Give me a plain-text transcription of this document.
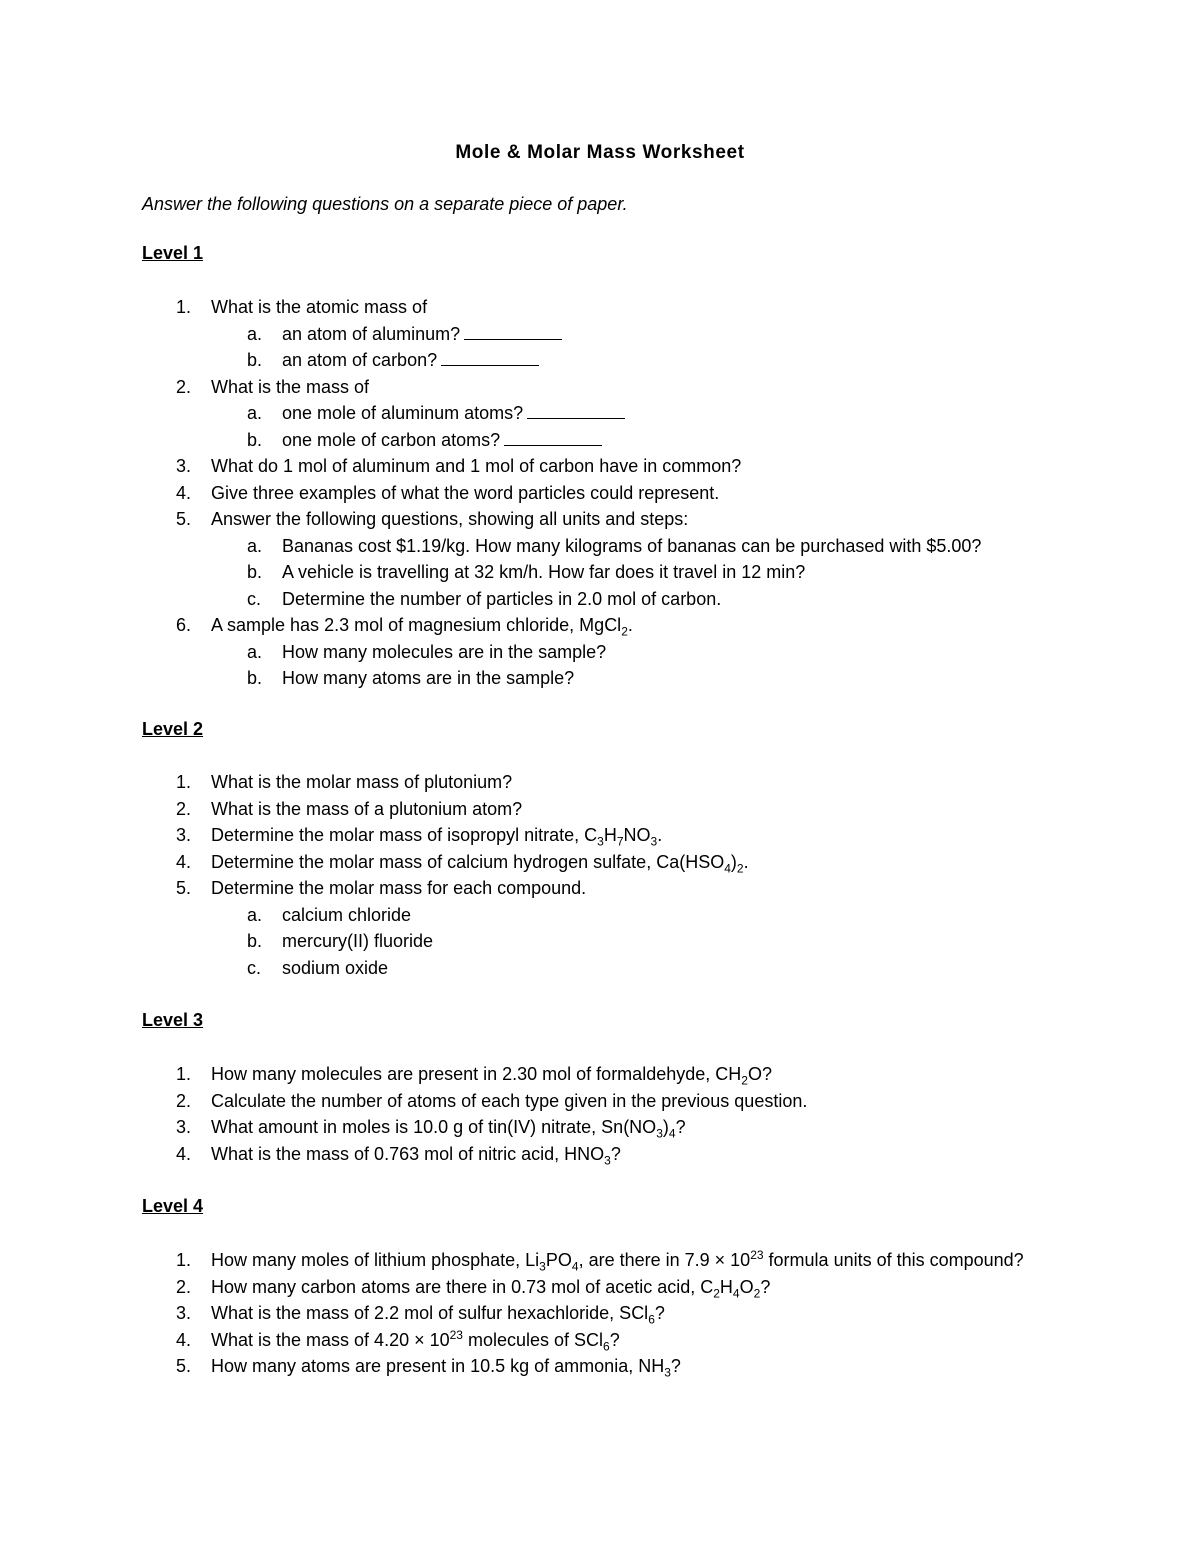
Mole & Molar Mass Worksheet
Answer the following questions on a separate piece of paper.
Level 1
1. What is the atomic mass of
a. an atom of aluminum?
b. an atom of carbon?
2. What is the mass of
a. one mole of aluminum atoms?
b. one mole of carbon atoms?
3. What do 1 mol of aluminum and 1 mol of carbon have in common?
4. Give three examples of what the word particles could represent.
5. Answer the following questions, showing all units and steps:
a. Bananas cost $1.19/kg. How many kilograms of bananas can be purchased with $5.00?
b. A vehicle is travelling at 32 km/h. How far does it travel in 12 min?
c. Determine the number of particles in 2.0 mol of carbon.
6. A sample has 2.3 mol of magnesium chloride, MgCl$_2$.
a. How many molecules are in the sample?
b. How many atoms are in the sample?
Level 2
1. What is the molar mass of plutonium?
2. What is the mass of a plutonium atom?
3. Determine the molar mass of isopropyl nitrate, $C_3H_7NO_3$.
4. Determine the molar mass of calcium hydrogen sulfate, $Ca(HSO_4)_2$.
5. Determine the molar mass for each compound.
a. calcium chloride
b. mercury(II) fluoride
c. sodium oxide
Level 3
1. How many molecules are present in 2.30 mol of formaldehyde, $CH_2O$?
2. Calculate the number of atoms of each type given in the previous question.
3. What amount in moles is 10.0 g of tin(IV) nitrate, $Sn(NO_3)_4$?
4. What is the mass of 0.763 mol of nitric acid, $HNO_3$?
Level 4
1. How many moles of lithium phosphate, $Li_3PO_4$, are there in $7.9 \times 10^{23}$ formula units of this compound?
2. How many carbon atoms are there in 0.73 mol of acetic acid, $C_2H_4O_2$?
3. What is the mass of 2.2 mol of sulfur hexachloride, SCl$_6$?
4. What is the mass of $4.20 \times 10^{23}$ molecules of SCl$_6$?
5. How many atoms are present in 10.5 kg of ammonia, $NH_3$?
